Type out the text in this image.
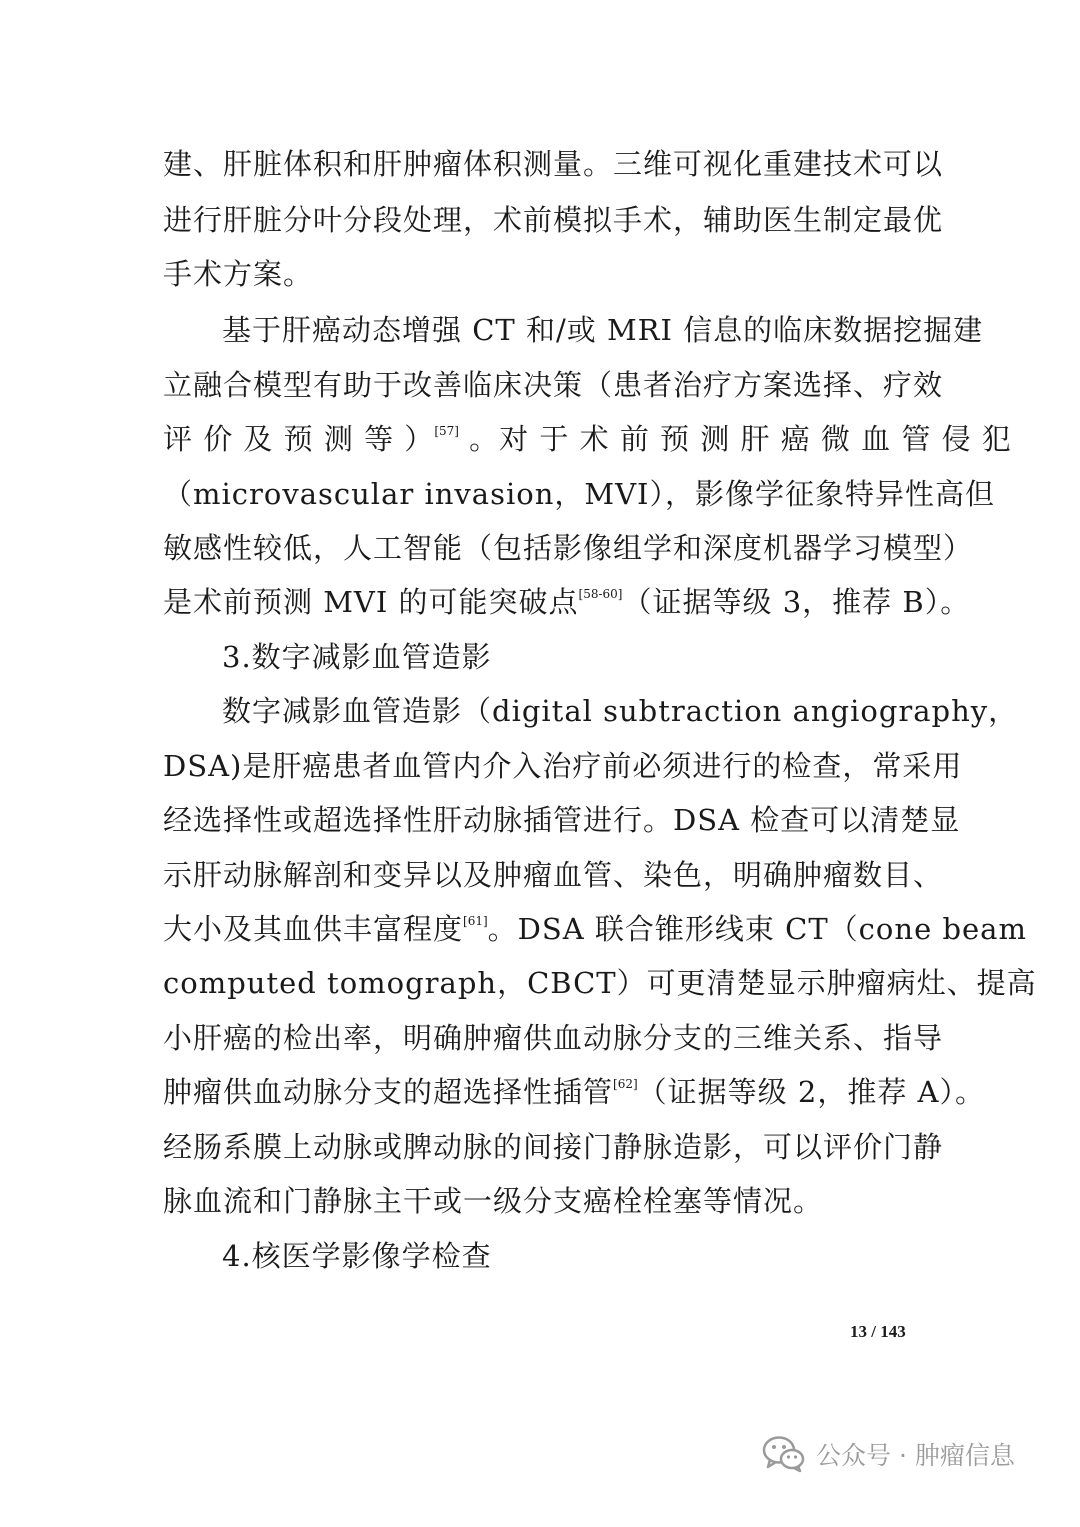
建、肝脏体积和肝肿瘤体积测量。三维可视化重建技术可以
进行肝脏分叶分段处理，术前模拟手术，辅助医生制定最优
手术方案。
基于肝癌动态增强 CT 和/或 MRI 信息的临床数据挖掘建
立融合模型有助于改善临床决策（患者治疗方案选择、疗效
评 价 及 预 测 等 ）[57] 。对 于 术 前 预 测 肝 癌 微 血 管 侵 犯
（microvascular invasion，MVI），影像学征象特异性高但
敏感性较低，人工智能（包括影像组学和深度机器学习模型）
是术前预测 MVI 的可能突破点[58-60]（证据等级 3，推荐 B）。
3.数字减影血管造影
数字减影血管造影（digital subtraction angiography，
DSA)是肝癌患者血管内介入治疗前必须进行的检查，常采用
经选择性或超选择性肝动脉插管进行。DSA 检查可以清楚显
示肝动脉解剖和变异以及肿瘤血管、染色，明确肿瘤数目、
大小及其血供丰富程度[61]。DSA 联合锥形线束 CT（cone beam
computed tomograph，CBCT）可更清楚显示肿瘤病灶、提高
小肝癌的检出率，明确肿瘤供血动脉分支的三维关系、指导
肿瘤供血动脉分支的超选择性插管[62]（证据等级 2，推荐 A）。
经肠系膜上动脉或脾动脉的间接门静脉造影，可以评价门静
脉血流和门静脉主干或一级分支癌栓栓塞等情况。
4.核医学影像学检查
13 / 143
公众号 · 肿瘤信息
